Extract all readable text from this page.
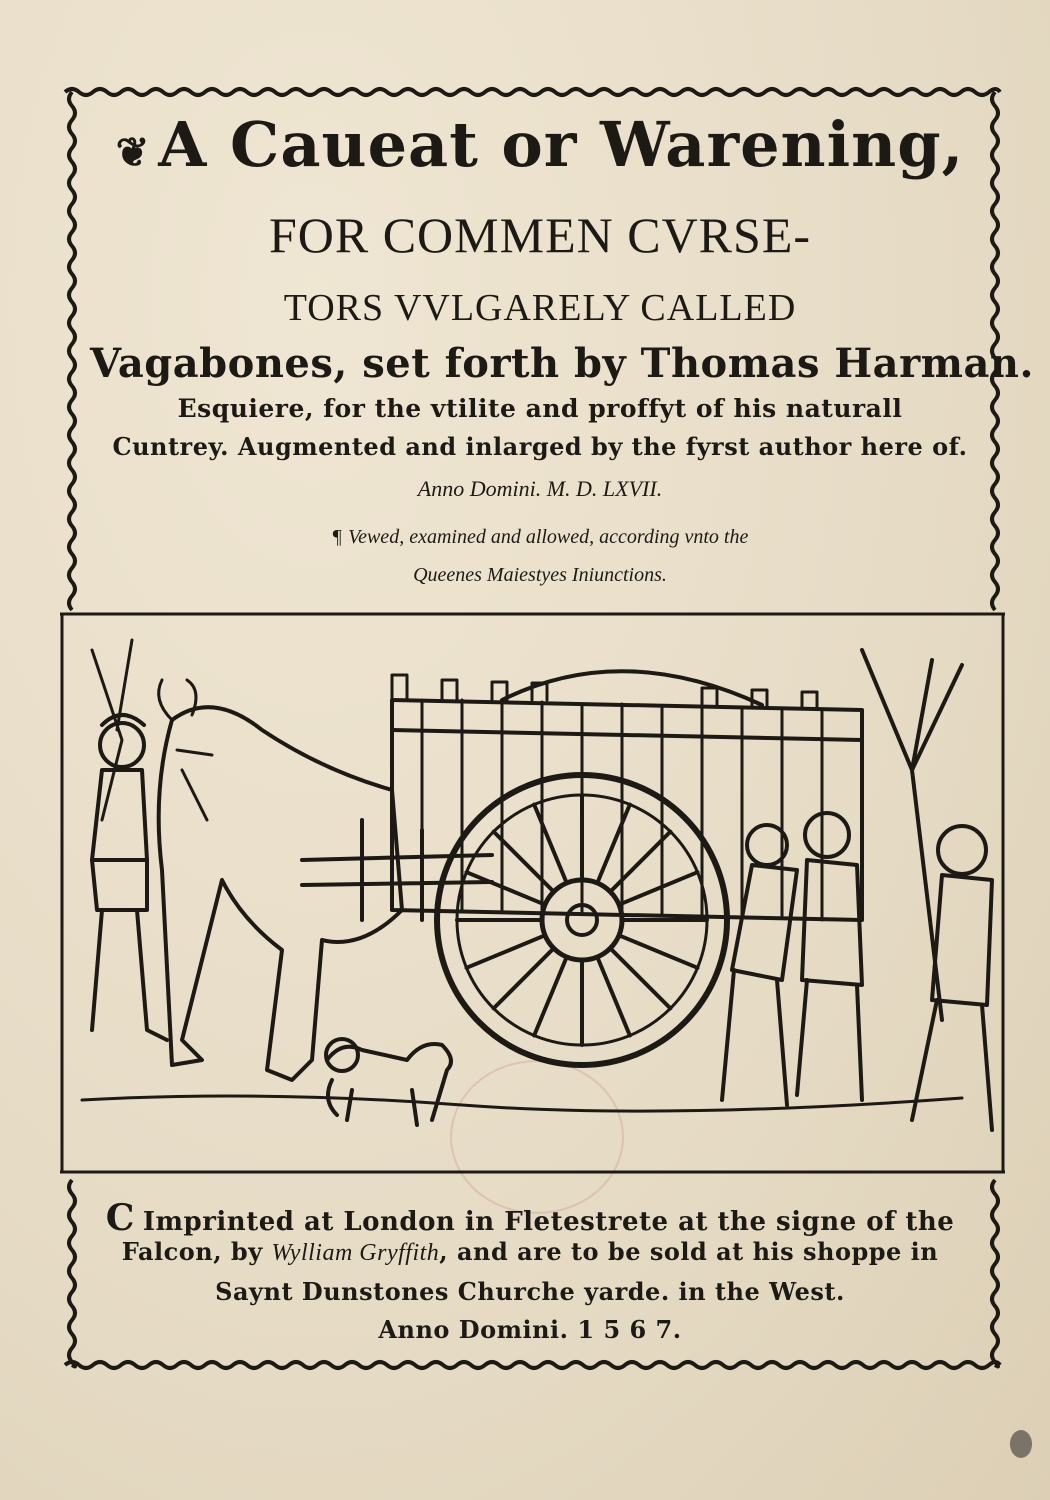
❦ A Caueat or Warening,
FOR COMMEN CVRSE-
TORS VVLGARELY CALLED
Vagabones, set forth by Thomas Harman.
Esquiere, for the vtilite and proffyt of his naturall
Cuntrey. Augmented and inlarged by the fyrst author here of.
Anno Domini. M. D. LXVII.
¶ Vewed, examined and allowed, according vnto the
Queenes Maiestyes Iniunctions.
C Imprinted at London in Fletestrete at the signe of the
Falcon, by Wylliam Gryffith, and are to be sold at his shoppe in
Saynt Dunstones Churche yarde. in the West.
Anno Domini. 1 5 6 7.
